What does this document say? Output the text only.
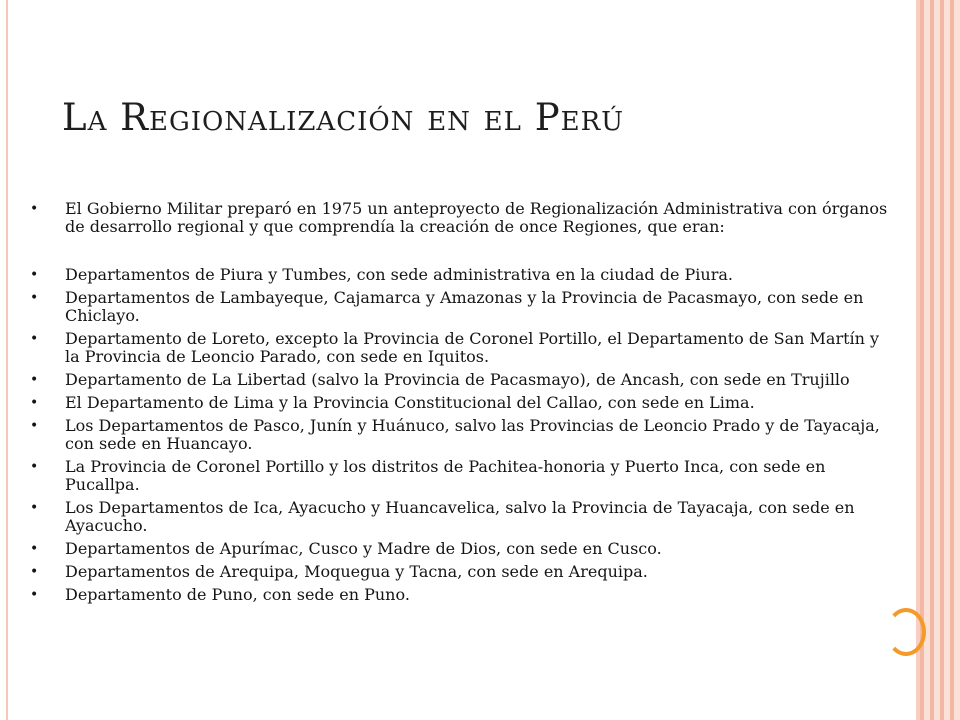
La Regionalización en el Perú

• El Gobierno Militar preparó en 1975 un anteproyecto de Regionalización Administrativa con órganos de desarrollo regional y que comprendía la creación de once Regiones, que eran:

• Departamentos de Piura y Tumbes, con sede administrativa en la ciudad de Piura.

• Departamentos de Lambayeque, Cajamarca y Amazonas y la Provincia de Pacasmayo, con sede en Chiclayo.

• Departamento de Loreto, excepto la Provincia de Coronel Portillo, el Departamento de San Martín y la Provincia de Leoncio Parado, con sede en Iquitos.

• Departamento de La Libertad (salvo la Provincia de Pacasmayo), de Ancash, con sede en Trujillo

• El Departamento de Lima y la Provincia Constitucional del Callao, con sede en Lima.

• Los Departamentos de Pasco, Junín y Huánuco, salvo las Provincias de Leoncio Prado y de Tayacaja, con sede en Huancayo.

• La Provincia de Coronel Portillo y los distritos de Pachitea-honoria y Puerto Inca, con sede en Pucallpa.

• Los Departamentos de Ica, Ayacucho y Huancavelica, salvo la Provincia de Tayacaja, con sede en Ayacucho.

• Departamentos de Apurímac, Cusco y Madre de Dios, con sede en Cusco.

• Departamentos de Arequipa, Moquegua y Tacna, con sede en Arequipa.

• Departamento de Puno, con sede en Puno.
